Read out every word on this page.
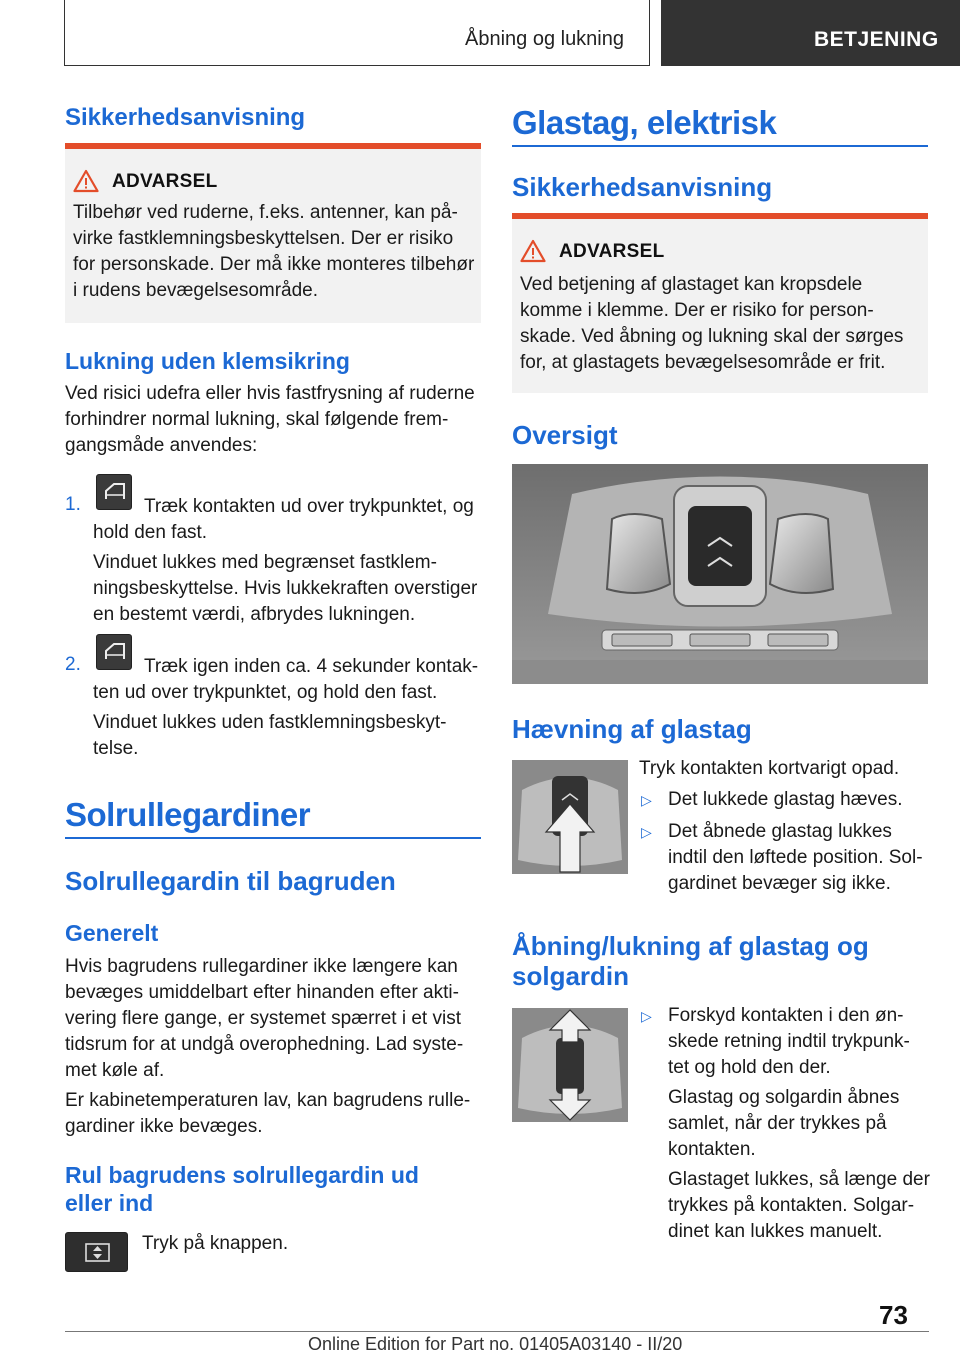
Åbning og lukning	BETJENING
Sikkerhedsanvisning
ADVARSEL
Tilbehør ved ruderne, f.eks. antenner, kan på-
virke fastklemningsbeskyttelsen. Der er risiko
for personskade. Der må ikke monteres tilbehør
i rudens bevægelsesområde.
Lukning uden klemsikring
Ved risici udefra eller hvis fastfrysning af ruderne
forhindrer normal lukning, skal følgende frem-
gangsmåde anvendes:
1.	Træk kontakten ud over trykpunktet, og
hold den fast.
Vinduet lukkes med begrænset fastklem-
ningsbeskyttelse. Hvis lukkekraften overstiger
en bestemt værdi, afbrydes lukningen.
2.	Træk igen inden ca. 4 sekunder kontak-
ten ud over trykpunktet, og hold den fast.
Vinduet lukkes uden fastklemningsbeskyt-
telse.
Solrullegardiner
Solrullegardin til bagruden
Generelt
Hvis bagrudens rullegardiner ikke længere kan
bevæges umiddelbart efter hinanden efter akti-
vering flere gange, er systemet spærret i et vist
tidsrum for at undgå overophedning. Lad syste-
met køle af.
Er kabinetemperaturen lav, kan bagrudens rulle-
gardiner ikke bevæges.
Rul bagrudens solrullegardin ud
eller ind
Tryk på knappen.
Glastag, elektrisk
Sikkerhedsanvisning
ADVARSEL
Ved betjening af glastaget kan kropsdele
komme i klemme. Der er risiko for person-
skade. Ved åbning og lukning skal der sørges
for, at glastagets bevægelsesområde er frit.
Oversigt
Hævning af glastag
Tryk kontakten kortvarigt opad.
▷ Det lukkede glastag hæves.
▷ Det åbnede glastag lukkes
indtil den løftede position. Sol-
gardinet bevæger sig ikke.
Åbning/lukning af glastag og
solgardin
▷ Forskyd kontakten i den øn-
skede retning indtil trykpunk-
tet og hold den der.
Glastag og solgardin åbnes
samlet, når der trykkes på
kontakten.
Glastaget lukkes, så længe der
trykkes på kontakten. Solgar-
dinet kan lukkes manuelt.
73
Online Edition for Part no. 01405A03140 - II/20
